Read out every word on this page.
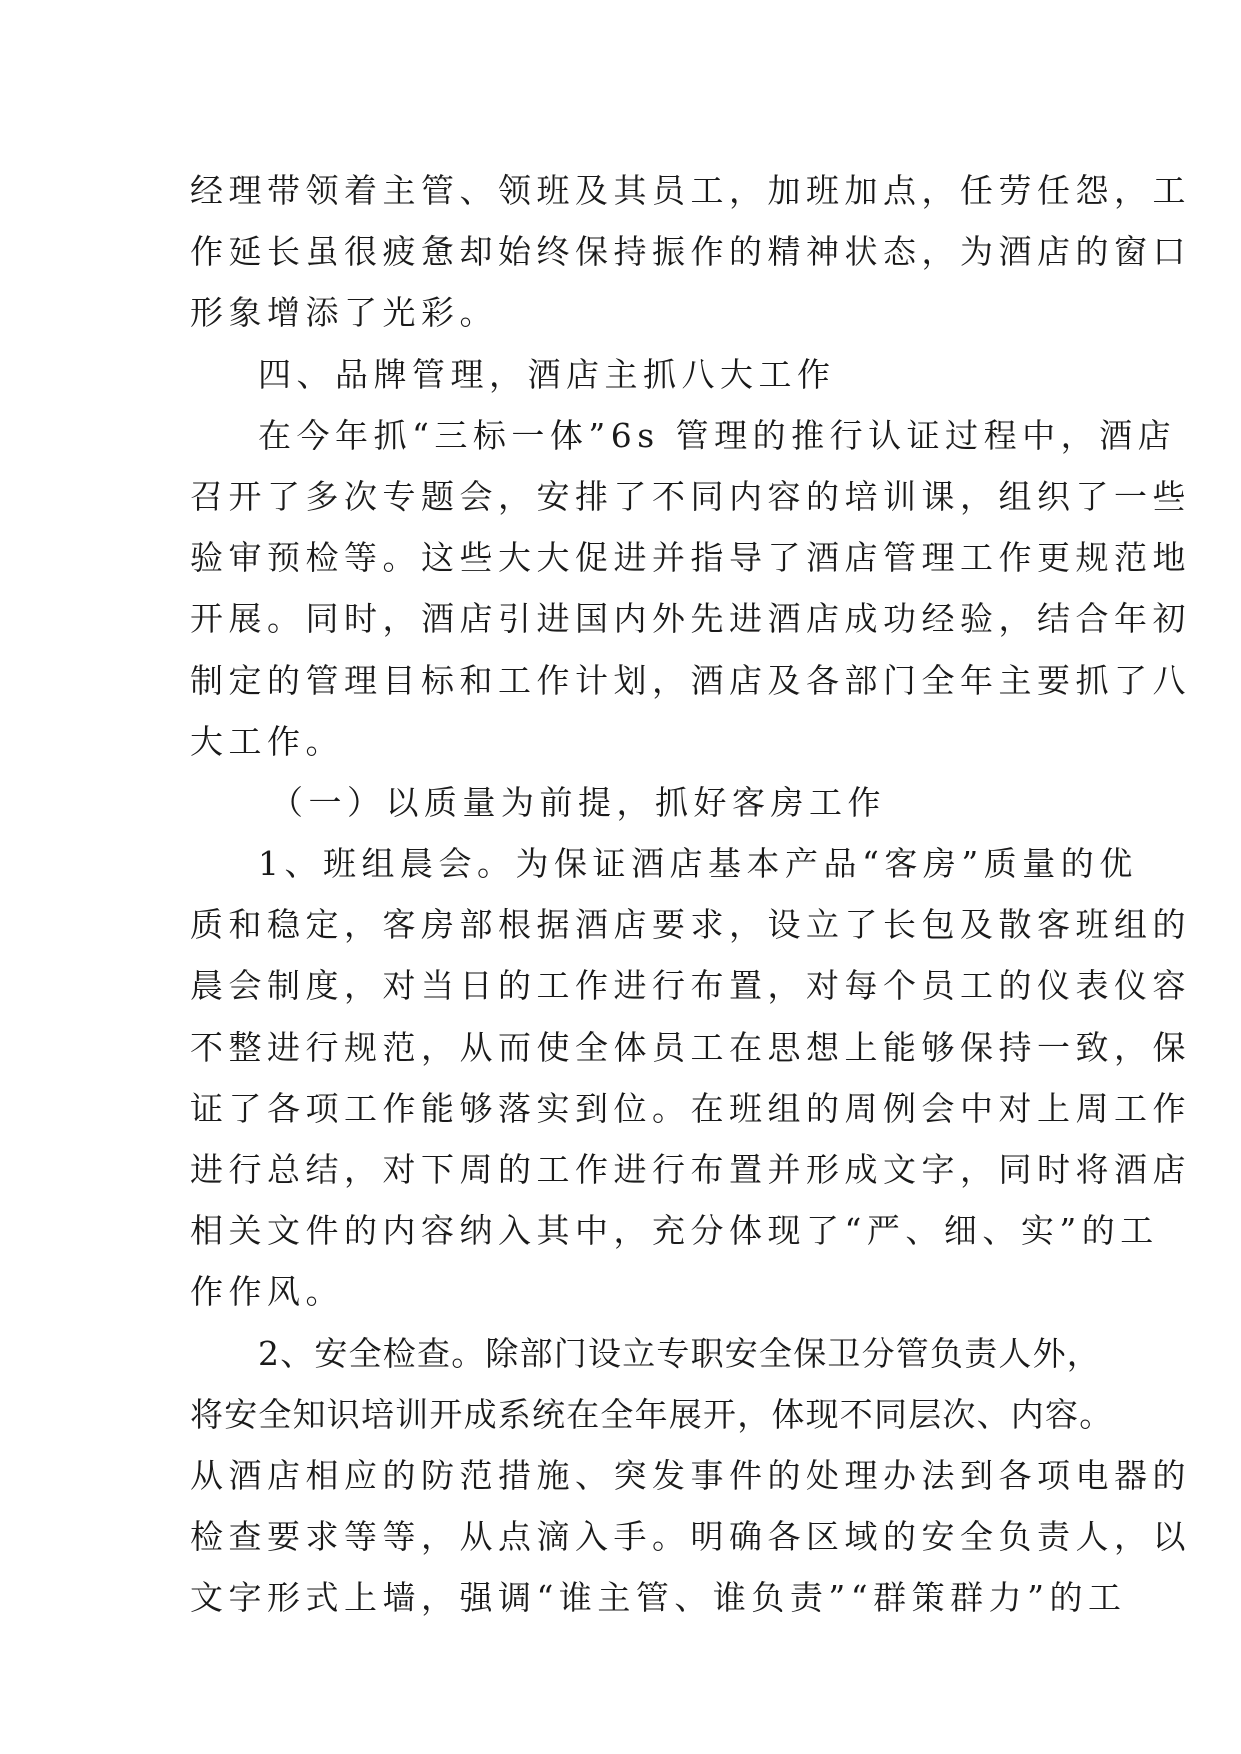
经理带领着主管、领班及其员工，加班加点，任劳任怨，工
作延长虽很疲惫却始终保持振作的精神状态，为酒店的窗口
形象增添了光彩。
四、品牌管理，酒店主抓八大工作
在今年抓“三标一体”6s 管理的推行认证过程中，酒店
召开了多次专题会，安排了不同内容的培训课，组织了一些
验审预检等。这些大大促进并指导了酒店管理工作更规范地
开展。同时，酒店引进国内外先进酒店成功经验，结合年初
制定的管理目标和工作计划，酒店及各部门全年主要抓了八
大工作。
（一）以质量为前提，抓好客房工作
1、班组晨会。为保证酒店基本产品“客房”质量的优
质和稳定，客房部根据酒店要求，设立了长包及散客班组的
晨会制度，对当日的工作进行布置，对每个员工的仪表仪容
不整进行规范，从而使全体员工在思想上能够保持一致，保
证了各项工作能够落实到位。在班组的周例会中对上周工作
进行总结，对下周的工作进行布置并形成文字，同时将酒店
相关文件的内容纳入其中，充分体现了“严、细、实”的工
作作风。
2、安全检查。除部门设立专职安全保卫分管负责人外，
将安全知识培训开成系统在全年展开，体现不同层次、内容。
从酒店相应的防范措施、突发事件的处理办法到各项电器的
检查要求等等，从点滴入手。明确各区域的安全负责人，以
文字形式上墙，强调“谁主管、谁负责”“群策群力”的工
